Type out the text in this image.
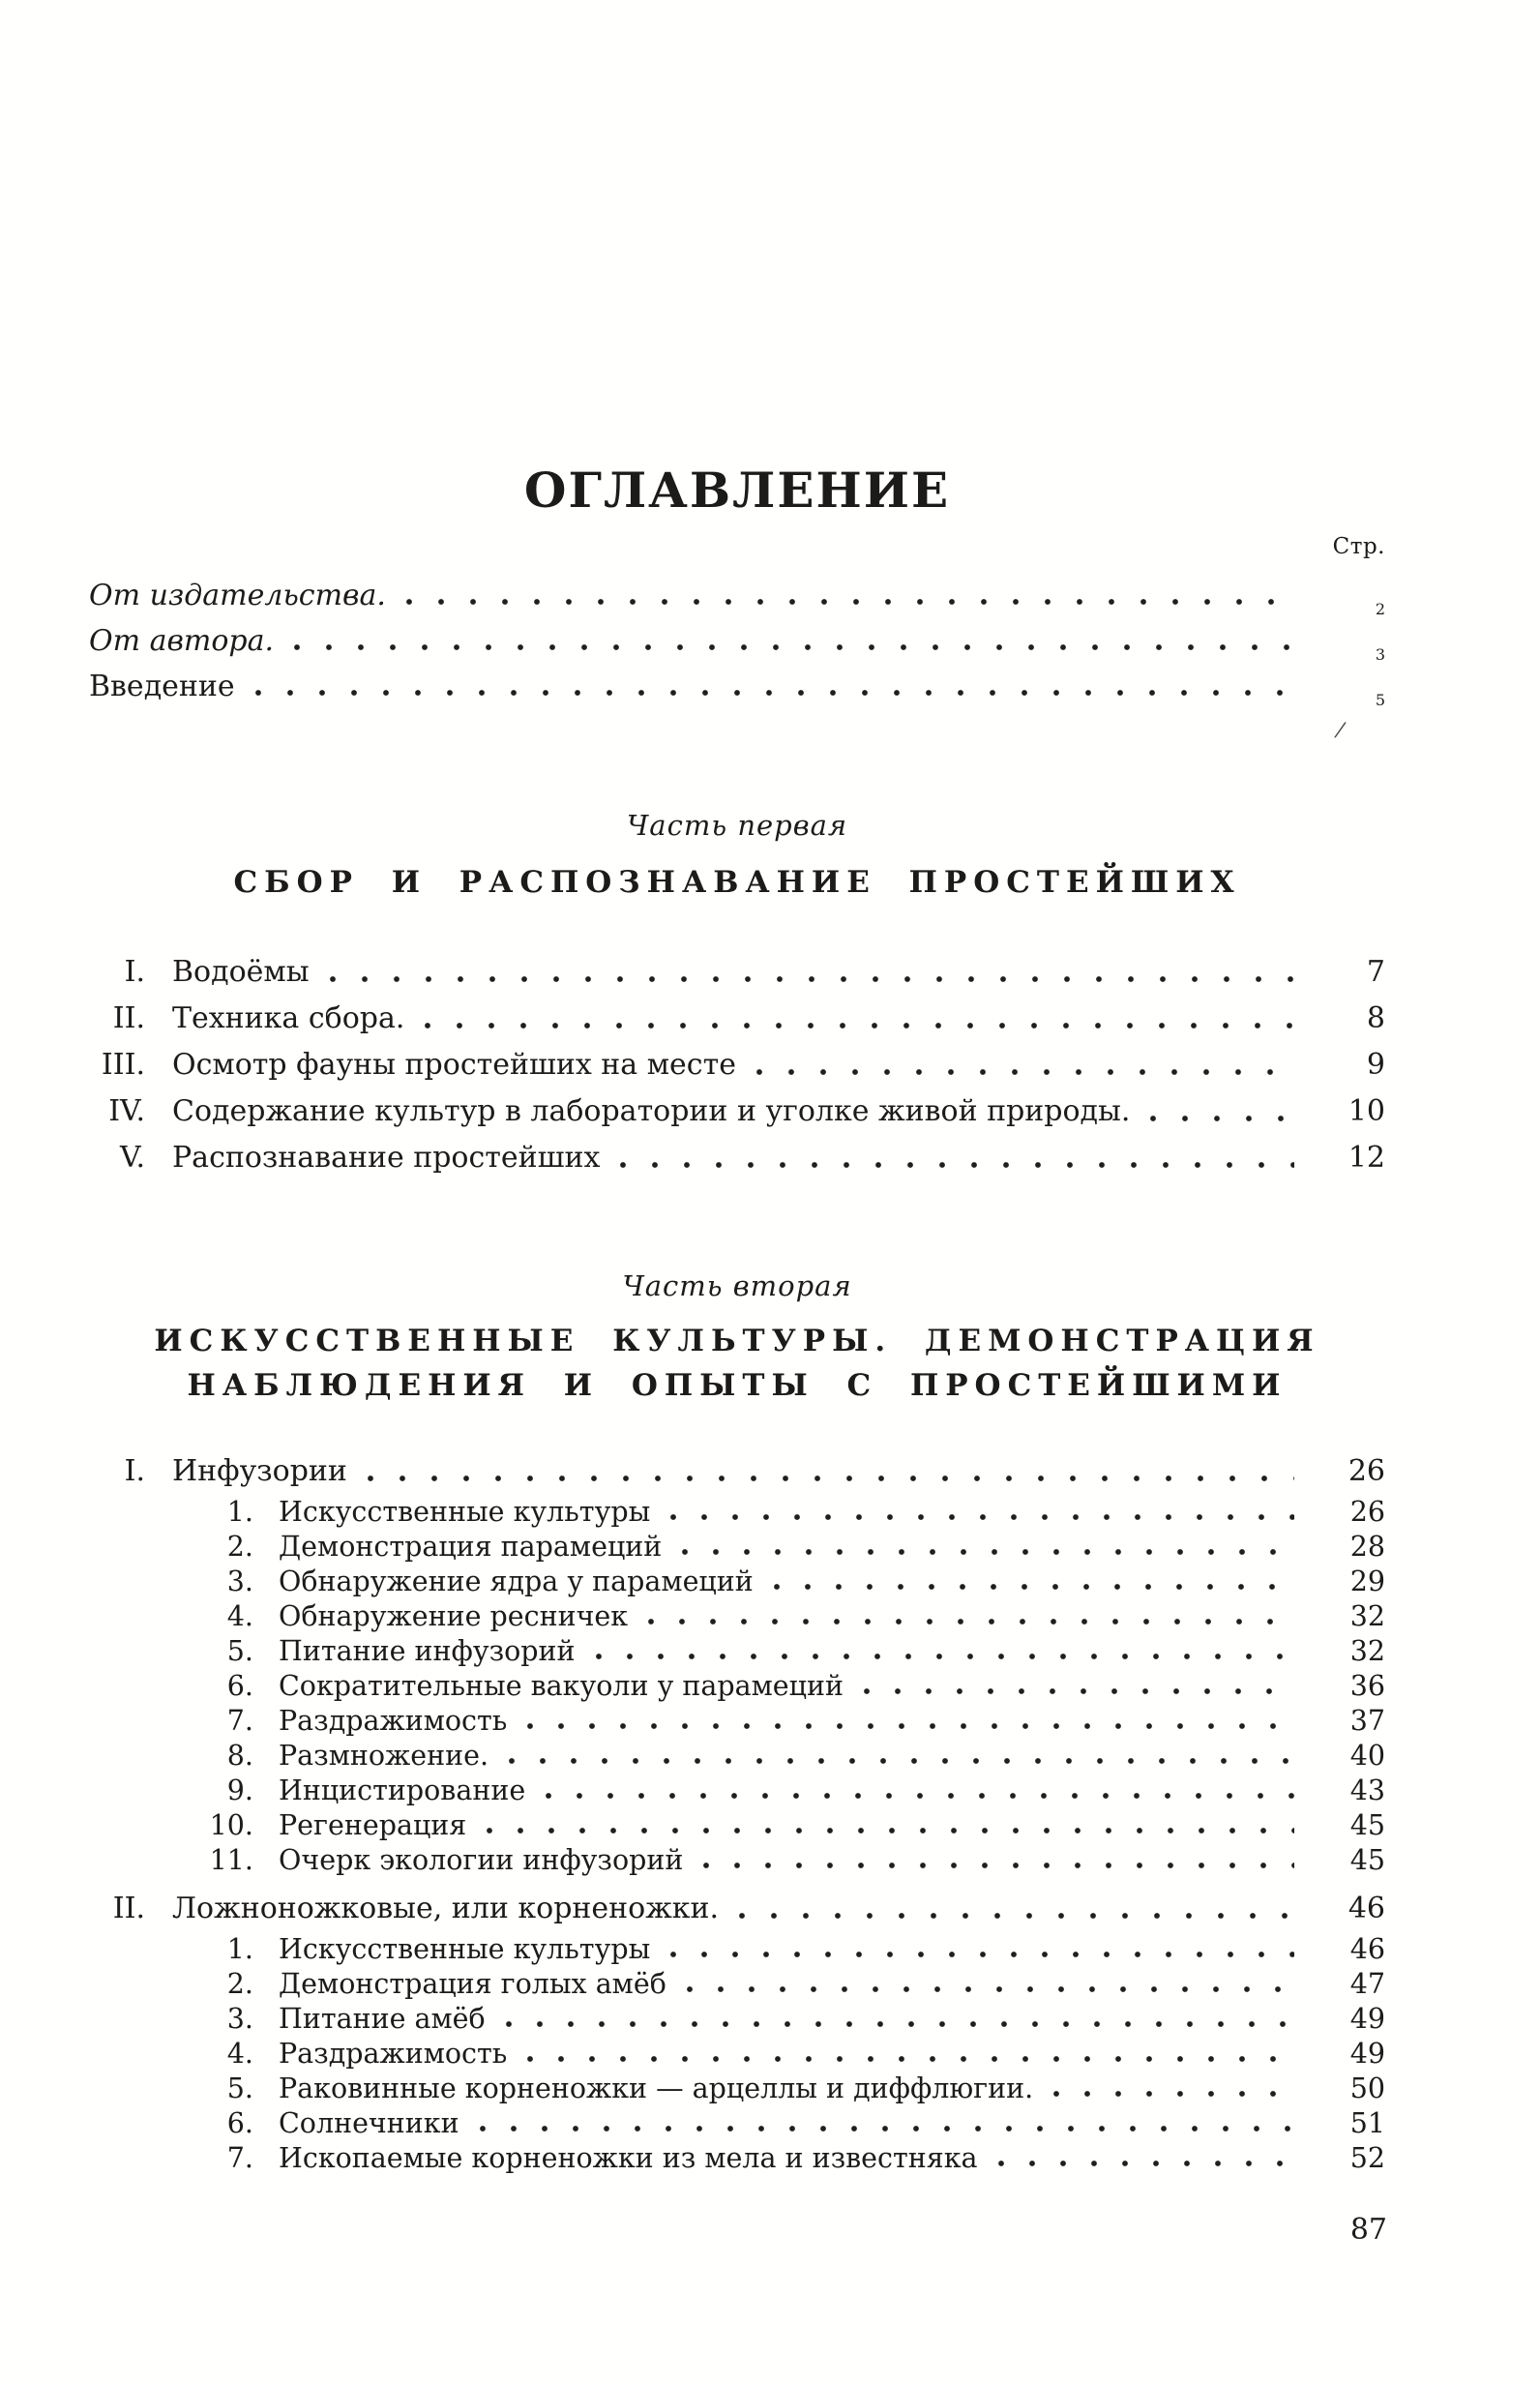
ОГЛАВЛЕНИЕ
Стр.
От издательства.	2
От автора.	3
Введение	5

Часть первая

СБОР И РАСПОЗНАВАНИЕ ПРОСТЕЙШИХ

I. Водоёмы	7
II. Техника сбора.	8
III. Осмотр фауны простейших на месте	9
IV. Содержание культур в лаборатории и уголке живой природы.	10
V. Распознавание простейших	12

Часть вторая

ИСКУССТВЕННЫЕ КУЛЬТУРЫ. ДЕМОНСТРАЦИЯ
НАБЛЮДЕНИЯ И ОПЫТЫ С ПРОСТЕЙШИМИ

I. Инфузории	26
1. Искусственные культуры	26
2. Демонстрация парамеций	28
3. Обнаружение ядра у парамеций	29
4. Обнаружение ресничек	32
5. Питание инфузорий	32
6. Сократительные вакуоли у парамеций	36
7. Раздражимость	37
8. Размножение.	40
9. Инцистирование	43
10. Регенерация	45
11. Очерк экологии инфузорий	45
II. Ложноножковые, или корненожки.	46
1. Искусственные культуры	46
2. Демонстрация голых амёб	47
3. Питание амёб	49
4. Раздражимость	49
5. Раковинные корненожки — арцеллы и диффлюгии.	50
6. Солнечники	51
7. Ископаемые корненожки из мела и известняка	52
87
/
